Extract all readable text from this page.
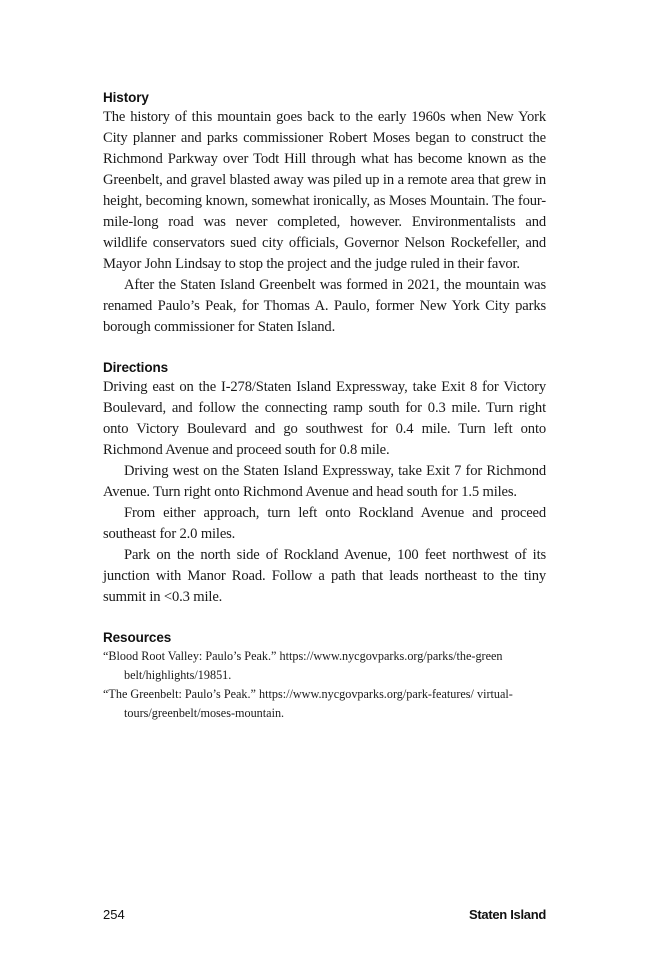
History

The history of this mountain goes back to the early 1960s when New York City planner and parks commissioner Robert Moses began to construct the Richmond Parkway over Todt Hill through what has become known as the Greenbelt, and gravel blasted away was piled up in a remote area that grew in height, becoming known, somewhat ironically, as Moses Mountain. The four-mile-long road was never completed, however. Environmentalists and wildlife conservators sued city officials, Governor Nelson Rockefeller, and Mayor John Lindsay to stop the project and the judge ruled in their favor.

After the Staten Island Greenbelt was formed in 2021, the mountain was renamed Paulo’s Peak, for Thomas A. Paulo, former New York City parks borough commissioner for Staten Island.

Directions

Driving east on the I-278/Staten Island Expressway, take Exit 8 for Victory Boulevard, and follow the connecting ramp south for 0.3 mile. Turn right onto Victory Boulevard and go southwest for 0.4 mile. Turn left onto Richmond Avenue and proceed south for 0.8 mile.

Driving west on the Staten Island Expressway, take Exit 7 for Richmond Avenue. Turn right onto Richmond Avenue and head south for 1.5 miles.

From either approach, turn left onto Rockland Avenue and proceed southeast for 2.0 miles.

Park on the north side of Rockland Avenue, 100 feet northwest of its junction with Manor Road. Follow a path that leads northeast to the tiny summit in <0.3 mile.

Resources

“Blood Root Valley: Paulo’s Peak.” https://www.nycgovparks.org/parks/the-green belt/highlights/19851.

“The Greenbelt: Paulo’s Peak.” https://www.nycgovparks.org/park-features/ virtual-tours/greenbelt/moses-mountain.

254	Staten Island
